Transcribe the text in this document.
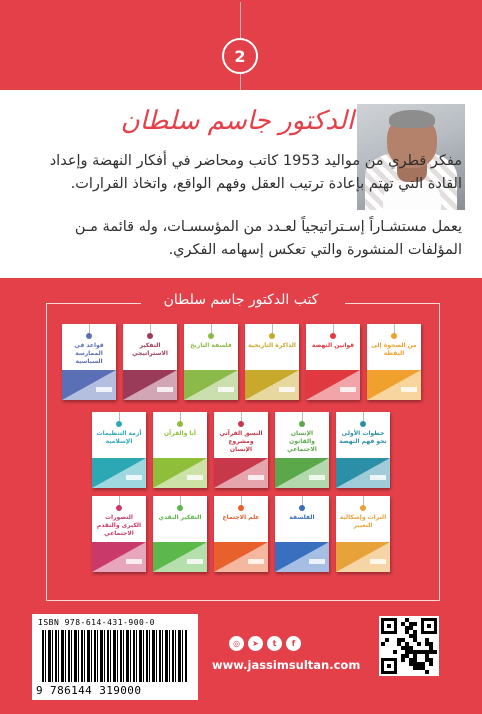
2
الدكتور جاسم سلطان

مفكر قطري من مواليد 1953 كاتب ومحاضر في أفكار النهضة وإعداد القادة التي تهتم بإعادة ترتيب العقل وفهم الواقع، واتخاذ القرارات.

يعمل مستشـاراً إسـتراتيجياً لعـدد من المؤسسـات، وله قائمة مـن المؤلفات المنشورة والتي تعكس إسهامه الفكري.

كتب الدكتور جاسم سلطان
من الصحوة إلى اليقظة
قوانين النهضة
الذاكرة التاريخية
فلسفة التاريخ
التفكير الاستراتيجي
قواعد في الممارسة السياسية
خطوات الأولى نحو فهم النهضة
الإنسان والقانون الاجتماعي
النسق القرآني ومشروع الإنسان
أنا والقرآن
أزمة التنظيمات الإسلامية
التراث وإشكالية التغيير
الفلسفة
علم الاجتماع
التفكير النقدي
التصورات الكبرى والتقدم الاجتماعي
ISBN 978-614-431-900-0
9 786144 319000
◎	➤	t	f
www.jassimsultan.com
